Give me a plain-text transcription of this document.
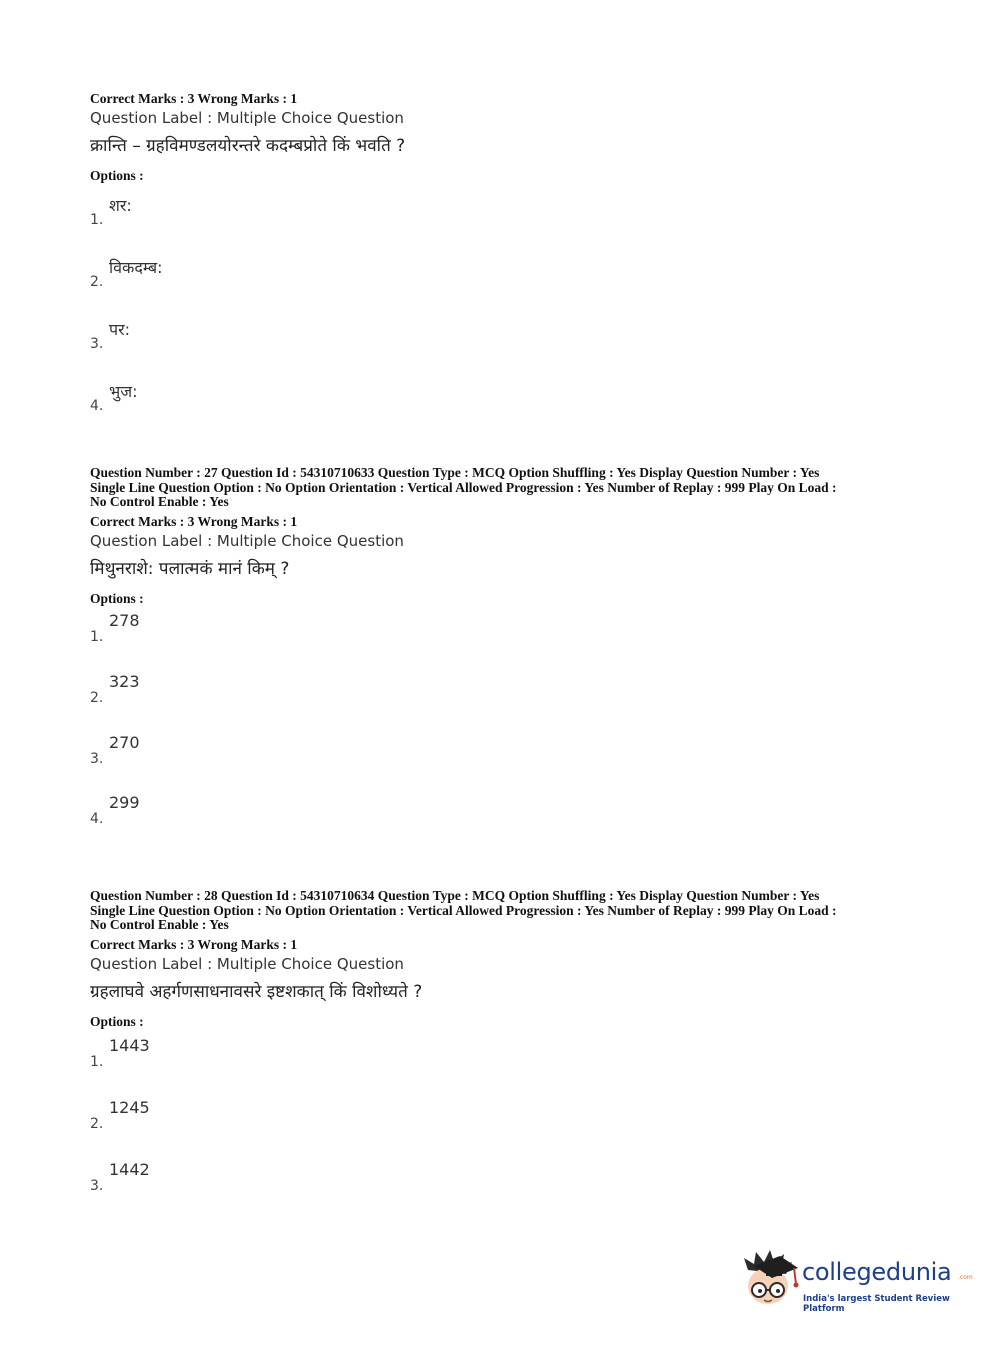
Correct Marks : 3 Wrong Marks : 1
Question Label : Multiple Choice Question
क्रान्ति – ग्रहविमण्डलयोरन्तरे कदम्बप्रोते किं भवति ?
Options :
1.
शर:
2.
विकदम्ब:
3.
पर:
4.
भुज:
Question Number : 27 Question Id : 54310710633 Question Type : MCQ Option Shuffling : Yes Display Question Number : Yes
Single Line Question Option : No Option Orientation : Vertical Allowed Progression : Yes Number of Replay : 999 Play On Load :
No Control Enable : Yes
Correct Marks : 3 Wrong Marks : 1
Question Label : Multiple Choice Question
मिथुनराशे: पलात्मकं मानं किम् ?
Options :
1.
278
2.
323
3.
270
4.
299
Question Number : 28 Question Id : 54310710634 Question Type : MCQ Option Shuffling : Yes Display Question Number : Yes
Single Line Question Option : No Option Orientation : Vertical Allowed Progression : Yes Number of Replay : 999 Play On Load :
No Control Enable : Yes
Correct Marks : 3 Wrong Marks : 1
Question Label : Multiple Choice Question
ग्रहलाघवे अहर्गणसाधनावसरे इष्टशकात् किं विशोध्यते ?
Options :
1.
1443
2.
1245
3.
1442
collegedunia .com
India's largest Student Review Platform
